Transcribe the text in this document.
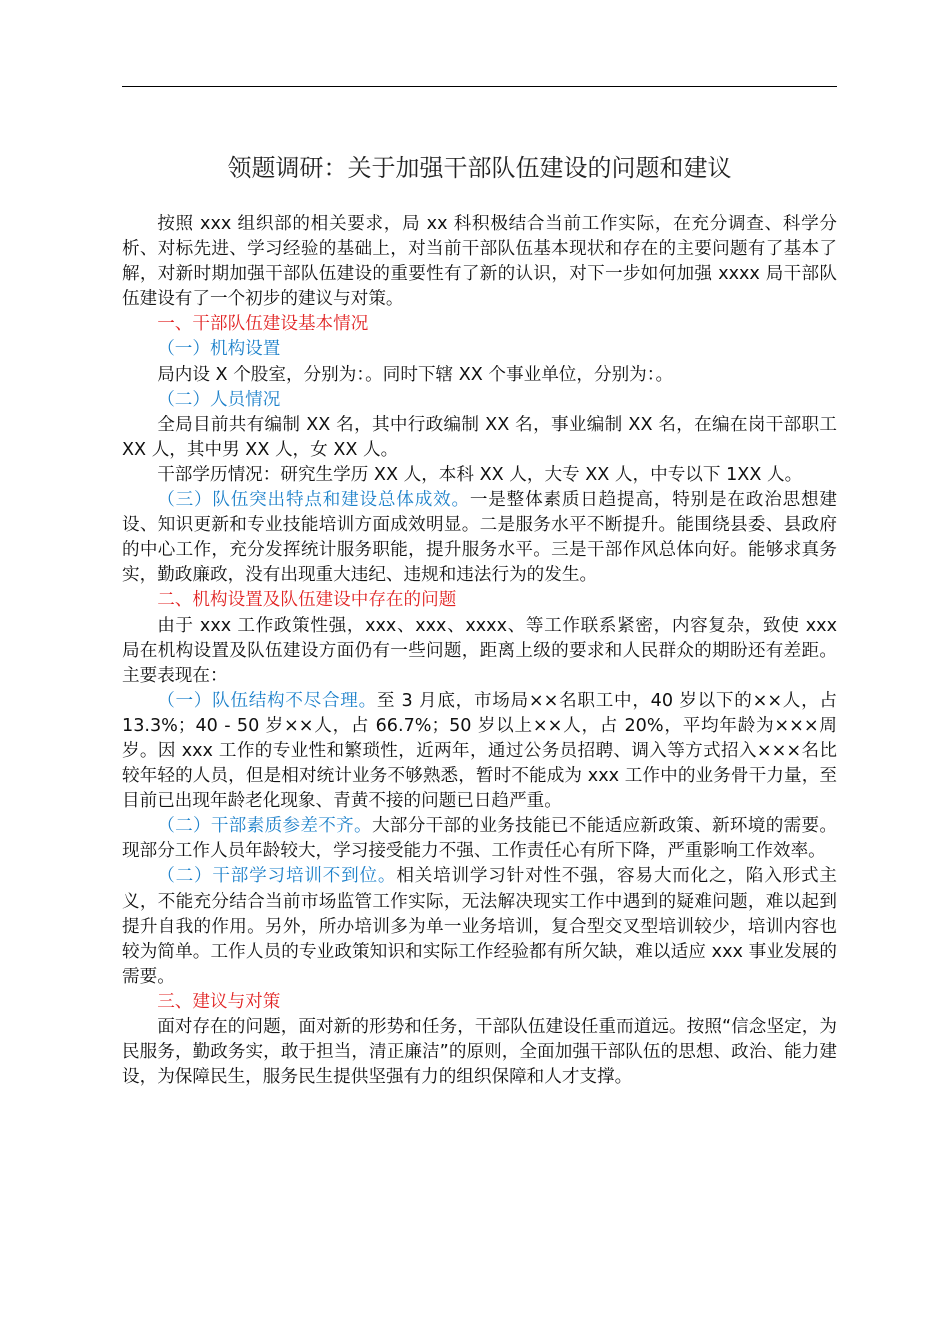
领题调研：关于加强干部队伍建设的问题和建议

按照 xxx 组织部的相关要求，局 xx 科积极结合当前工作实际，在充分调查、科学分析、对标先进、学习经验的基础上，对当前干部队伍基本现状和存在的主要问题有了基本了解，对新时期加强干部队伍建设的重要性有了新的认识，对下一步如何加强 xxxx 局干部队伍建设有了一个初步的建议与对策。

一、干部队伍建设基本情况

（一）机构设置

局内设 X 个股室，分别为：。同时下辖 XX 个事业单位，分别为：。

（二）人员情况

全局目前共有编制 XX 名，其中行政编制 XX 名，事业编制 XX 名，在编在岗干部职工 XX 人，其中男 XX 人，女 XX 人。

干部学历情况：研究生学历 XX 人，本科 XX 人，大专 XX 人，中专以下 1XX 人。

（三）队伍突出特点和建设总体成效。一是整体素质日趋提高，特别是在政治思想建设、知识更新和专业技能培训方面成效明显。二是服务水平不断提升。能围绕县委、县政府的中心工作，充分发挥统计服务职能，提升服务水平。三是干部作风总体向好。能够求真务实，勤政廉政，没有出现重大违纪、违规和违法行为的发生。

二、机构设置及队伍建设中存在的问题

由于 xxx 工作政策性强，xxx、xxx、xxxx、等工作联系紧密，内容复杂，致使 xxx 局在机构设置及队伍建设方面仍有一些问题，距离上级的要求和人民群众的期盼还有差距。主要表现在：

（一）队伍结构不尽合理。至 3 月底，市场局××名职工中，40 岁以下的××人，占 13.3%；40 - 50 岁××人，占 66.7%；50 岁以上××人，占 20%，平均年龄为×××周岁。因 xxx 工作的专业性和繁琐性，近两年，通过公务员招聘、调入等方式招入×××名比较年轻的人员，但是相对统计业务不够熟悉，暂时不能成为 xxx 工作中的业务骨干力量，至目前已出现年龄老化现象、青黄不接的问题已日趋严重。

（二）干部素质参差不齐。大部分干部的业务技能已不能适应新政策、新环境的需要。现部分工作人员年龄较大，学习接受能力不强、工作责任心有所下降，严重影响工作效率。

（二）干部学习培训不到位。相关培训学习针对性不强，容易大而化之，陷入形式主义，不能充分结合当前市场监管工作实际，无法解决现实工作中遇到的疑难问题，难以起到提升自我的作用。另外，所办培训多为单一业务培训，复合型交叉型培训较少，培训内容也较为简单。工作人员的专业政策知识和实际工作经验都有所欠缺，难以适应 xxx 事业发展的需要。

三、建议与对策

面对存在的问题，面对新的形势和任务，干部队伍建设任重而道远。按照“信念坚定，为民服务，勤政务实，敢于担当，清正廉洁”的原则，全面加强干部队伍的思想、政治、能力建设，为保障民生，服务民生提供坚强有力的组织保障和人才支撑。
